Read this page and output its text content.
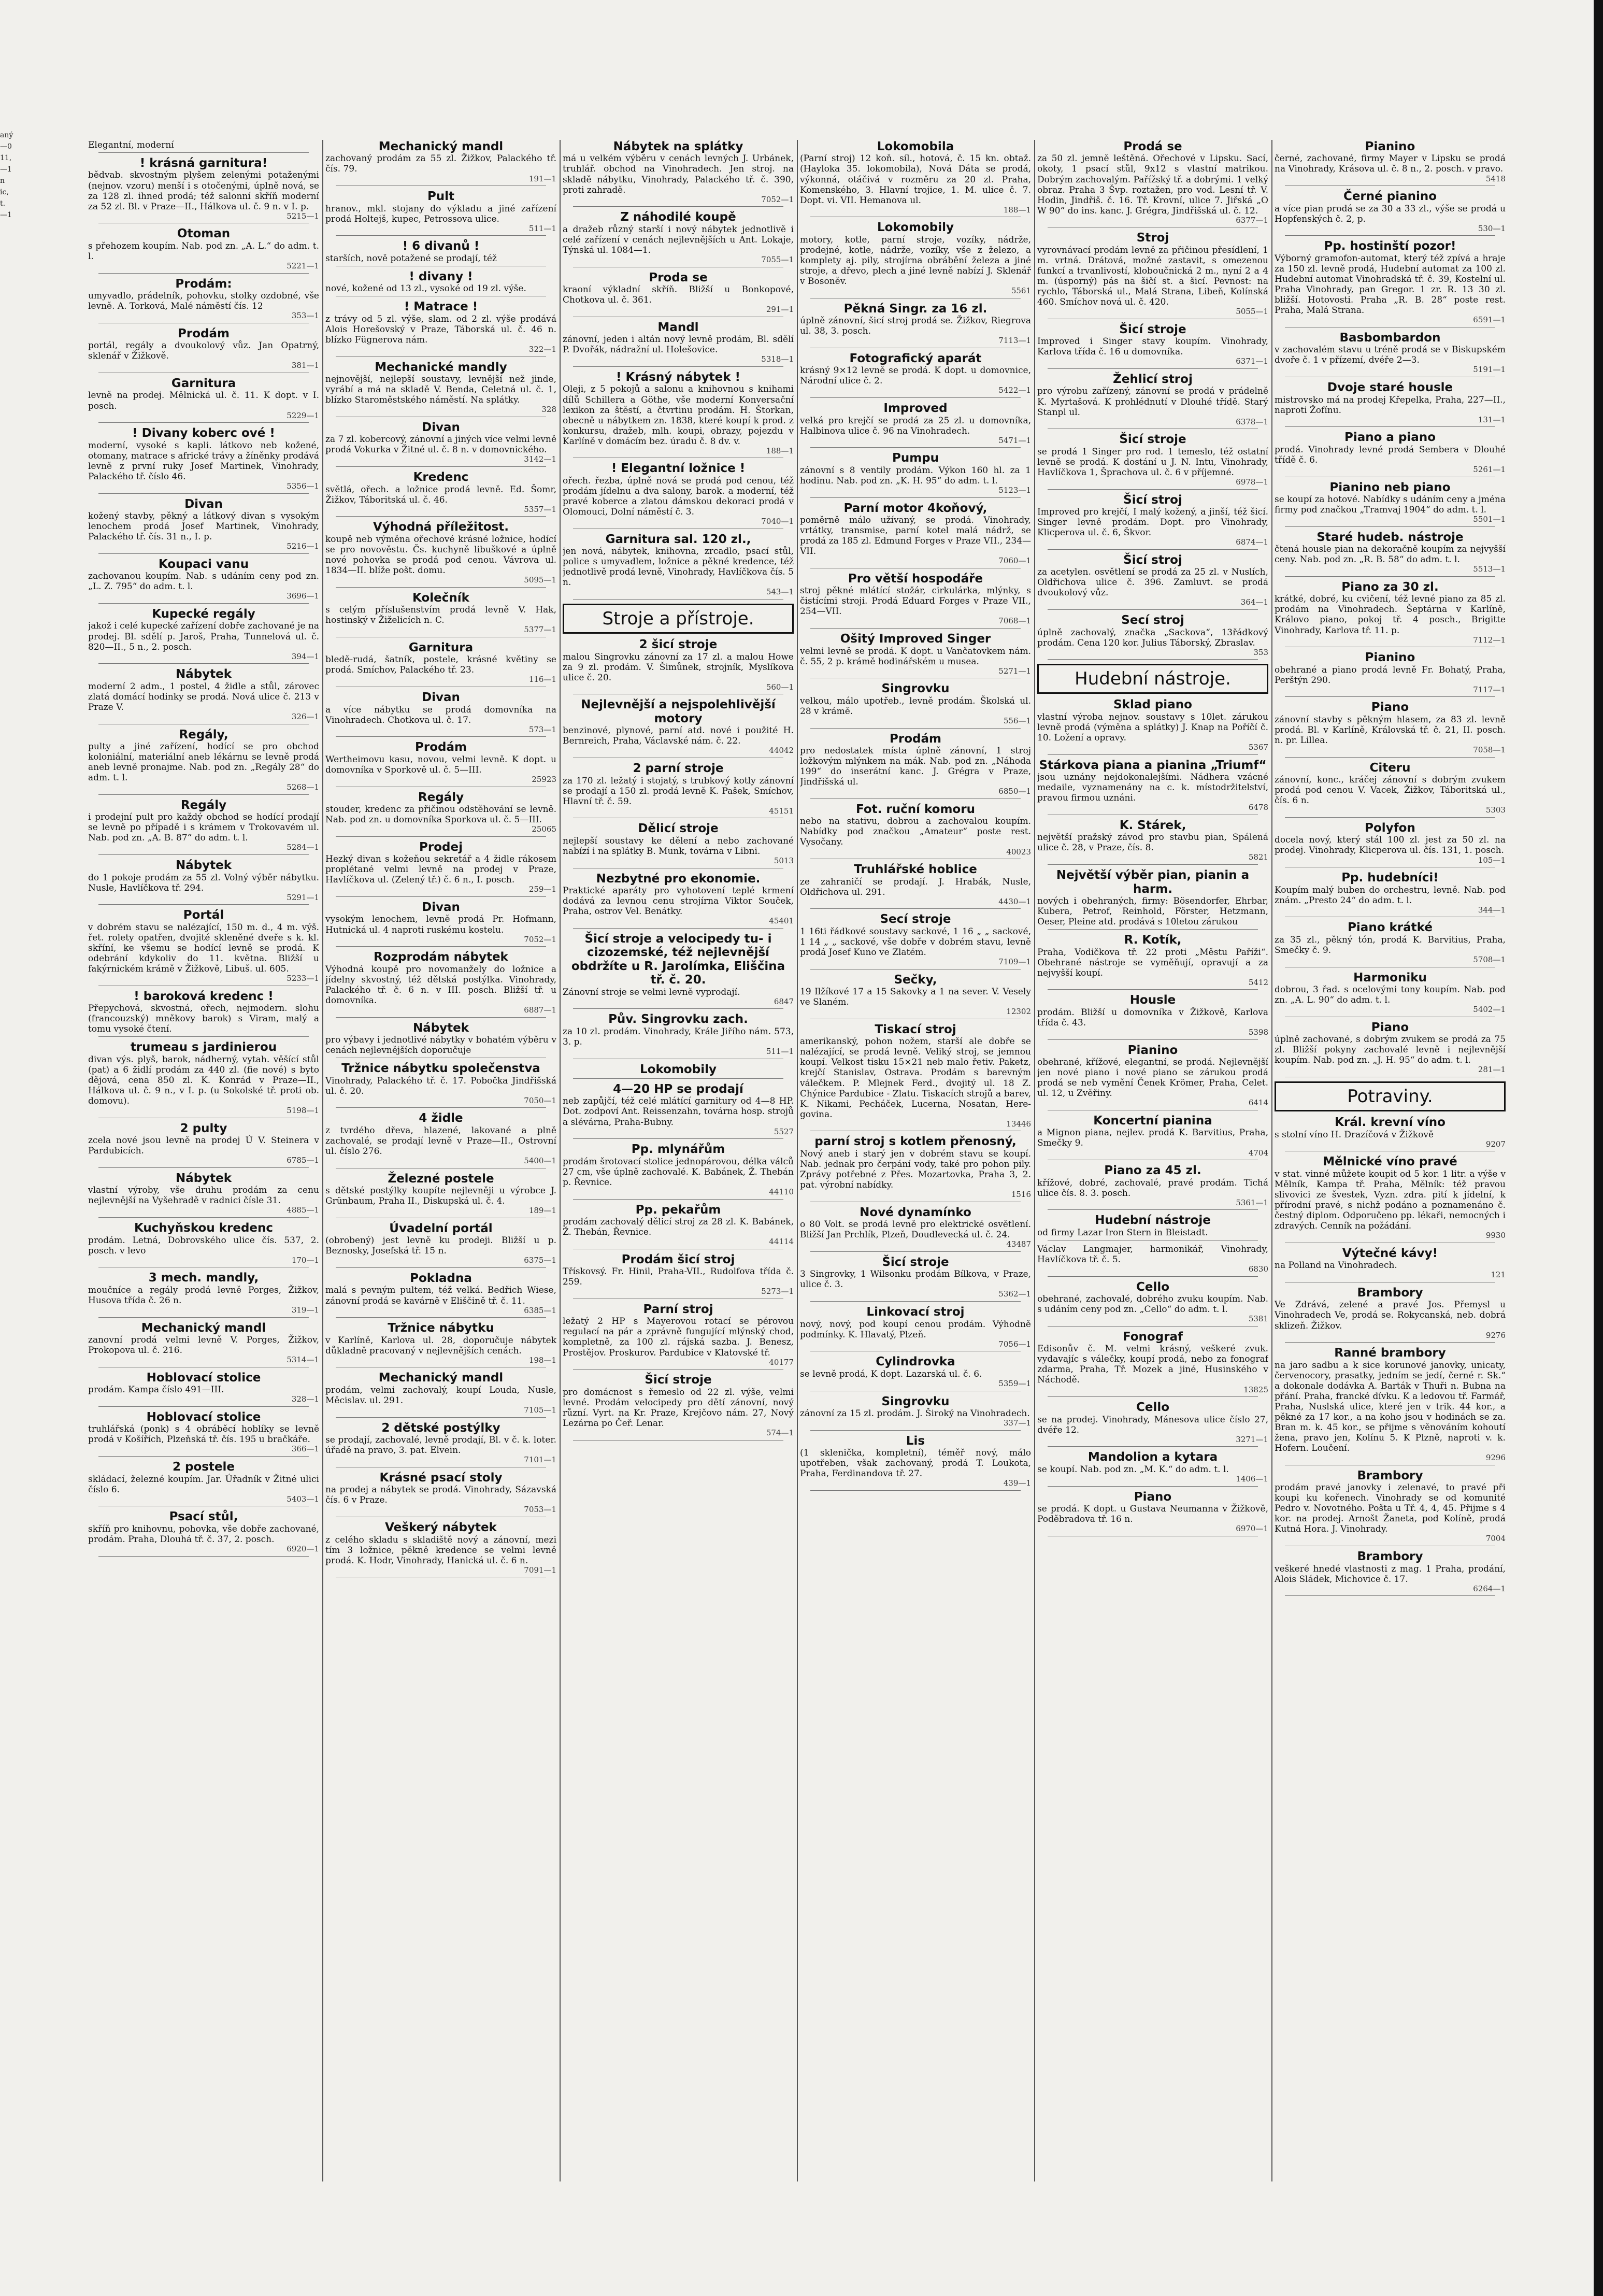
aný
—0
11,
—1
n
ic,
t.
—1

Elegantní, moderní

! krásná garnitura!

bědvab. skvostným plyšem zelenými potaženými (nejnov. vzoru) menší i s otočenými, úplně nová, se za 128 zl. ihned prodá; též salonní skříň moderní za 52 zl. Bl. v Praze—II., Hálkova ul. č. 9 n. v I. p.

5215—1
Otoman

s přehozem koupím. Nab. pod zn. „A. L.“ do adm. t. l.

5221—1
Prodám:

umyvadlo, prádelník, pohovku, stolky ozdobné, vše levně. A. Torková, Malé náměstí čís. 12

353—1
Prodám

portál, regály a dvoukolový vůz. Jan Opatrný, sklenář v Žižkově.

381—1
Garnitura

levně na prodej. Mělnická ul. č. 11. K dopt. v I. posch.

5229—1
! Divany koberc ové !

moderní, vysoké s kapli. látkovo neb kožené, otomany, matrace s africké trávy a žíněnky prodává levně z první ruky Josef Martinek, Vinohrady, Palackého tř. číslo 46.

5356—1
Divan

kožený stavby, pěkný a látkový divan s vysokým lenochem prodá Josef Martinek, Vinohrady, Palackého tř. čís. 31 n., I. p.

5216—1
Koupaci vanu

zachovanou koupím. Nab. s udáním ceny pod zn. „L. Z. 795“ do adm. t. l.

3696—1
Kupecké regály

jakož i celé kupecké zařízení dobře zachované je na prodej. Bl. sdělí p. Jaroš, Praha, Tunnelová ul. č. 820—II., 5 n., 2. posch.

394—1
Nábytek

moderní 2 adm., 1 postel, 4 židle a stůl, zárovec zlatá domácí hodinky se prodá. Nová ulice č. 213 v Praze V.

326—1
Regály,

pulty a jiné zařízení, hodící se pro obchod koloniální, materiální aneb lékárnu se levně prodá aneb levně pronajme. Nab. pod zn. „Regály 28“ do adm. t. l.

5268—1
Regály

i prodejní pult pro každý obchod se hodící prodají se levně po případě i s krámem v Trokovavém ul. Nab. pod zn. „A. B. 87“ do adm. t. l.

5284—1
Nábytek

do 1 pokoje prodám za 55 zl. Volný výběr nábytku. Nusle, Havlíčkova tř. 294.

5291—1
Portál

v dobrém stavu se nalézající, 150 m. d., 4 m. výš. řet. rolety opatřen, dvojité skleněné dveře s k. kl. skříní, ke všemu se hodící levně se prodá. K odebrání kdykoliv do 11. května. Bližší u fakýrnickém krámě v Žižkově, Libuš. ul. 605.

5233—1
! baroková kredenc !

Přepychová, skvostná, ořech, nejmodern. slohu (francouzský) mněkovy barok) s Viram, malý a tomu vysoké čtení.

trumeau s jardinierou

divan výs. plyš, barok, nádherný, vytah. věšící stůl (pat) a 6 židlí prodám za 440 zl. (fie nové) s byto dějová, cena 850 zl. K. Konrád v Praze—II., Hálkova ul. č. 9 n., v I. p. (u Sokolské tř. proti ob. domovu).

5198—1
2 pulty

zcela nové jsou levně na prodej Ú V. Steinera v Pardubicích.

6785—1
Nábytek

vlastní výroby, vše druhu prodám za cenu nejlevnější na Vyšehradě v radnici čísle 31.

4885—1
Kuchyňskou kredenc

prodám. Letná, Dobrovského ulice čís. 537, 2. posch. v levo

170—1
3 mech. mandly,

moučníce a regály prodá levně Porges, Žižkov, Husova třída č. 26 n.

319—1
Mechanický mandl

zanovní prodá velmi levně V. Porges, Žižkov, Prokopova ul. č. 216.

5314—1
Hoblovací stolice

prodám. Kampa číslo 491—III.

328—1
Hoblovací stolice

truhlářská (ponk) s 4 obráběcí hoblíky se levně prodá v Košířích, Plzeňská tř. čís. 195 u bračkáře.

366—1
2 postele

skládací, železné koupím. Jar. Úřadník v Žitné ulici číslo 6.

5403—1
Psací stůl,

skříň pro knihovnu, pohovka, vše dobře zachované, prodám. Praha, Dlouhá tř. č. 37, 2. posch.

6920—1
Mechanický mandl

zachovaný prodám za 55 zl. Žižkov, Palackého tř. čís. 79.

191—1
Pult

hranov., mkl. stojany do výkladu a jiné zařízení prodá Holtejš, kupec, Petrossova ulice.

511—1
! 6 divanů !

starších, nově potažené se prodají, též

! divany !

nové, kožené od 13 zl., vysoké od 19 zl. výše.

! Matrace !

z trávy od 5 zl. výše, slam. od 2 zl. výše prodává Alois Horešovský v Praze, Táborská ul. č. 46 n. blízko Fügnerova nám.

322—1
Mechanické mandly

nejnovější, nejlepší soustavy, levnější než jinde, vyrábí a má na skladě V. Benda, Celetná ul. č. 1, blízko Staroměstského náměstí. Na splátky.

328
Divan

za 7 zl. kobercový, zánovní a jiných více velmi levně prodá Vokurka v Žitné ul. č. 8 n. v domovnického.

3142—1
Kredenc

světlá, ořech. a ložnice prodá levně. Ed. Šomr, Žižkov, Táboritská ul. č. 46.

5357—1
Výhodná příležitost.

koupě neb výměna ořechové krásné ložnice, hodící se pro novověstu. Čs. kuchyně libuškové a úplně nové pohovka se prodá pod cenou. Vávrova ul. 1834—II. blíže pošt. domu.

5095—1
Kolečník

s celým příslušenstvím prodá levně V. Hak, hostinský v Žiželicích n. C.

5377—1
Garnitura

bledě-rudá, šatník, postele, krásné květiny se prodá. Smíchov, Palackého tř. 23.

116—1
Divan

a více nábytku se prodá domovníka na Vinohradech. Chotkova ul. č. 17.

573—1
Prodám

Wertheimovu kasu, novou, velmi levně. K dopt. u domovníka v Sporkově ul. č. 5—III.

25923
Regály

stouder, kredenc za přičinou odstěhování se levně. Nab. pod zn. u domovníka Sporkova ul. č. 5—III.

25065
Prodej

Hezký divan s kožeňou sekretář a 4 židle rákosem proplétané velmi levně na prodej v Praze, Havlíčkova ul. (Zelený tř.) č. 6 n., I. posch.

259—1
Divan

vysokým lenochem, levně prodá Pr. Hofmann, Hutnická ul. 4 naproti ruskému kostelu.

7052—1
Rozprodám nábytek

Výhodná koupě pro novomanžely do ložnice a jídelny skvostný, též dětská postýlka. Vinohrady, Palackého tř. č. 6 n. v III. posch. Bližší tř. u domovníka.

6887—1
Nábytek

pro výbavy i jednotlivé nábytky v bohatém výběru v cenách nejlevnějších doporučuje

Tržnice nábytku společenstva

Vinohrady, Palackého tř. č. 17. Pobočka Jindřišská ul. č. 20.

7050—1
4 židle

z tvrdého dřeva, hlazené, lakované a plně zachovalé, se prodají levně v Praze—II., Ostrovní ul. číslo 276.

5400—1
Železné postele

s dětské postýlky koupíte nejlevněji u výrobce J. Grünbaum, Praha II., Diskupská ul. č. 4.

189—1
Úvadelní portál

(obrobený) jest levně ku prodeji. Bližší u p. Beznosky, Josefská tř. 15 n.

6375—1
Pokladna

malá s pevným pultem, též velká. Bedřich Wiese, zánovní prodá se kavárně v Eliščině tř. č. 11.

6385—1
Tržnice nábytku

v Karlíně, Karlova ul. 28, doporučuje nábytek důkladně pracovaný v nejlevnějších cenách.

198—1
Mechanický mandl

prodám, velmi zachovalý, koupí Louda, Nusle, Měcislav. ul. 291.

7105—1
2 dětské postýlky

se prodají, zachovalé, levně prodají, Bl. v č. k. loter. úřadě na pravo, 3. pat. Elvein.

7101—1
Krásné psací stoly

na prodej a nábytek se prodá. Vinohrady, Sázavská čís. 6 v Praze.

7053—1
Veškerý nábytek

z celého skladu s skladiště nový a zánovní, mezi tím 3 ložnice, pěkně kredence se velmi levně prodá. K. Hodr, Vinohrady, Hanická ul. č. 6 n.

7091—1
Nábytek na splátky

má u velkém výběru v cenách levných J. Urbánek, truhlář. obchod na Vinohradech. Jen stroj. na skladě nábytku, Vinohrady, Palackého tř. č. 390, proti zahradě.

7052—1
Z náhodilé koupě

a dražeb různý starší i nový nábytek jednotlivě i celé zařízení v cenách nejlevnějších u Ant. Lokaje, Týnská ul. 1084—1.

7055—1
Proda se

kraoní výkladní skříň. Bližší u Bonkopové, Chotkova ul. č. 361.

291—1
Mandl

zánovní, jeden i altán nový levně prodám, Bl. sdělí P. Dvořák, nádražní ul. Holešovice.

5318—1
! Krásný nábytek !

Oleji, z 5 pokojů a salonu a knihovnou s knihami dílů Schillera a Göthe, vše moderní Konversační lexikon za štěstí, a čtvrtinu prodám. H. Štorkan, obecně u nábytkem zn. 1838, které koupí k prod. z konkursu, dražeb, mlh. koupi, obrazy, pojezdu v Karlíně v domácím bez. úradu č. 8 dv. v.

188—1
! Elegantní ložnice !

ořech. řezba, úplně nová se prodá pod cenou, též prodám jídelnu a dva salony, barok. a moderní, též pravé koberce a zlatou dámskou dekoraci prodá v Olomouci, Dolní náměstí č. 3.

7040—1
Garnitura sal. 120 zl.,

jen nová, nábytek, knihovna, zrcadlo, psací stůl, police s umyvadlem, ložnice a pěkné kredence, též jednotlivě prodá levně, Vinohrady, Havlíčkova čís. 5 n.

543—1
Stroje a přístroje.
2 šicí stroje

malou Singrovku zánovní za 17 zl. a malou Howe za 9 zl. prodám. V. Šimůnek, strojník, Myslíkova ulice č. 20.

560—1
Nejlevnější a nejspolehlivější motory

benzinové, plynové, parní atd. nové i použité H. Bernreich, Praha, Václavské nám. č. 22.

44042
2 parní stroje

za 170 zl. ležatý i stojatý, s trubkový kotly zánovní se prodají a 150 zl. prodá levně K. Pašek, Smíchov, Hlavní tř. č. 59.

45151
Dělicí stroje

nejlepší soustavy ke dělení a nebo zachované nabízí i na splátky B. Munk, továrna v Libni.

5013
Nezbytné pro ekonomie.

Praktické aparáty pro vyhotovení teplé krmení dodává za levnou cenu strojírna Viktor Souček, Praha, ostrov Vel. Benátky.

45401
Šicí stroje a velocipedy tu- i cizozemské, též nejlevnější obdržíte u R. Jarolímka, Eliščina tř. č. 20.

Zánovní stroje se velmi levně vyprodají.

6847
Pův. Singrovku zach.

za 10 zl. prodám. Vinohrady, Krále Jiřího nám. 573, 3. p.

511—1
Lokomobily
4—20 HP se prodají

neb zapůjčí, též celé mlátící garnitury od 4—8 HP. Dot. zodpoví Ant. Reissenzahn, továrna hosp. strojů a slévárna, Praha-Bubny.

5527
Pp. mlynářům

prodám šrotovací stolice jednopárovou, délka válců 27 cm, vše úplně zachovalé. K. Babánek, Ž. Thebán p. Řevnice.

44110
Pp. pekařům

prodám zachovalý dělicí stroj za 28 zl. K. Babánek, Ž. Thebán, Řevnice.

44114
Prodám šicí stroj

Třískovsý. Fr. Hinil, Praha-VII., Rudolfova třída č. 259.

5273—1
Parní stroj

ležatý 2 HP s Mayerovou rotací se pérovou regulací na pár a zprávně fungující mlýnský chod, kompletně, za 100 zl. rájská sazba. J. Benesz, Prostějov. Proskurov. Pardubice v Klatovské tř.

40177
Šicí stroje

pro domácnost s řemeslo od 22 zl. výše, velmi levné. Prodám velocipedy pro dětí zánovní, nový různí. Vyrt. na Kr. Praze, Krejčovo nám. 27, Nový Lezárna po Čeř. Lenar.

574—1
Lokomobila

(Parní stroj) 12 koň. síl., hotová, č. 15 kn. obtaž. (Hayloka 35. lokomobila), Nová Dáta se prodá, výkonná, otáčivá v rozměru za 20 zl. Praha, Komenského, 3. Hlavní trojice, 1. M. ulice č. 7. Dopt. vi. VII. Hemanova ul.

188—1
Lokomobily

motory, kotle, parní stroje, vozíky, nádrže, prodejné, kotle, nádrže, vozíky, vše z železo, a komplety aj. pily, strojírna obrábění železa a jiné stroje, a dřevo, plech a jiné levně nabízí J. Sklenář v Bosoněv.

5561
Pěkná Singr. za 16 zl.

úplně zánovní, šicí stroj prodá se. Žižkov, Riegrova ul. 38, 3. posch.

7113—1
Fotografický aparát

krásný 9×12 levně se prodá. K dopt. u domovnice, Národní ulice č. 2.

5422—1
Improved

velká pro krejčí se prodá za 25 zl. u domovníka, Halbinova ulice č. 96 na Vinohradech.

5471—1
Pumpu

zánovní s 8 ventily prodám. Výkon 160 hl. za 1 hodinu. Nab. pod zn. „K. H. 95“ do adm. t. l.

5123—1
Parní motor 4koňový,

poměrně málo užívaný, se prodá. Vinohrady, vrtátky, transmise, parní kotel malá nádrž, se prodá za 185 zl. Edmund Forges v Praze VII., 234—VII.

7060—1
Pro větší hospodáře

stroj pěkné mlátící stožár, cirkulárka, mlýnky, s čistícími stroji. Prodá Eduard Forges v Praze VII., 254—VII.

7068—1
Ošitý Improved Singer

velmi levně se prodá. K dopt. u Vančatovkem nám. č. 55, 2 p. krámě hodinářském u musea.

5271—1
Singrovku

velkou, málo upotřeb., levně prodám. Školská ul. 28 v krámě.

556—1
Prodám

pro nedostatek místa úplně zánovní, 1 stroj ložkovým mlýnkem na mák. Nab. pod zn. „Náhoda 199“ do inserátní kanc. J. Grégra v Praze, Jindřišská ul.

6850—1
Fot. ruční komoru

nebo na stativu, dobrou a zachovalou koupím. Nabídky pod značkou „Amateur“ poste rest. Vysočany.

40023
Truhlářské hoblice

ze zahraničí se prodají. J. Hrabák, Nusle, Oldřichova ul. 291.

4430—1
Secí stroje

1 16ti řádkové soustavy sackové, 1 16 „ „ sackové, 1 14 „ „ sackové, vše dobře v dobrém stavu, levně prodá Josef Kuno ve Zlatém.

7109—1
Sečky,

19 Ilžíkové 17 a 15 Sakovky a 1 na sever. V. Vesely ve Slaném.

12302
Tiskací stroj

amerikanský, pohon nožem, starší ale dobře se nalézající, se prodá levně. Veliký stroj, se jemnou koupí. Velkost tisku 15×21 neb malo řetiv. Paketz, krejčí Stanislav, Ostrava. Prodám s barevným válečkem. P. Mlejnek Ferd., dvojitý ul. 18 Z. Chýnice Pardubice - Zlatu. Tiskacích strojů a barev, K. Nikami, Pecháček, Lucerna, Nosatan, Here-govina.

13446
parní stroj s kotlem přenosný,

Nový aneb i starý jen v dobrém stavu se koupí. Nab. jednak pro čerpání vody, také pro pohon pily. Zprávy potřebné z Přes. Mozartovka, Praha 3, 2. pat. výrobní nabídky.

1516
Nové dynamínko

o 80 Volt. se prodá levně pro elektrické osvětlení. Bližší Jan Prchlík, Plzeň, Doudlevecká ul. č. 24.

43487
Šicí stroje

3 Singrovky, 1 Wilsonku prodám Bílkova, v Praze, ulice č. 3.

5362—1
Linkovací stroj

nový, nový, pod koupí cenou prodám. Výhodně podmínky. K. Hlavatý, Plzeň.

7056—1
Cylindrovka

se levně prodá, K dopt. Lazarská ul. č. 6.

5359—1
Singrovku

zánovní za 15 zl. prodám. J. Široký na Vinohradech.

337—1
Lis

(1 sklenička, kompletní), téměř nový, málo upotřeben, však zachovaný, prodá T. Loukota, Praha, Ferdinandova tř. 27.

439—1
Prodá se

za 50 zl. jemně leštěná. Ořechové v Lipsku. Sací, okoty, 1 psací stůl, 9x12 s vlastní matrikou. Dobrým zachovalým. Pařížský tř. a dobrými. 1 velký obraz. Praha 3 Švp. roztažen, pro vod. Lesní tř. V. Hodin, Jindřiš. č. 16. Tř. Krovní, ulice 7. Jiřská „O W 90“ do ins. kanc. J. Grégra, Jindřišská ul. č. 12.

6377—1
Stroj

vyrovnávací prodám levně za přičinou přesídlení, 1 m. vrtná. Drátová, možné zastavit, s omezenou funkcí a trvanlivostí, kloboučnická 2 m., nyní 2 a 4 m. (úsporný) pás na šičí st. a šicí. Pevnost: na rychlo, Táborská ul., Malá Strana, Libeň, Kolínská 460. Smíchov nová ul. č. 420.

5055—1
Šicí stroje

Improved i Singer stavy koupím. Vinohrady, Karlova třída č. 16 u domovníka.

6371—1
Žehlicí stroj

pro výrobu zařízený, zánovní se prodá v prádelně K. Myrtašová. K prohlédnutí v Dlouhé třídě. Starý Stanpl ul.

6378—1
Šicí stroje

se prodá 1 Singer pro rod. 1 temeslo, též ostatní levně se prodá. K dostání u J. N. Intu, Vinohrady, Havlíčkova 1, Šprachova ul. č. 6 v příjemné.

6978—1
Šicí stroj

Improved pro krejčí, I malý kožený, a jinší, též šicí. Singer levně prodám. Dopt. pro Vinohrady, Klicperova ul. č. 6, Škvor.

6874—1
Šicí stroj

za acetylen. osvětlení se prodá za 25 zl. v Nuslích, Oldřichova ulice č. 396. Zamluvt. se prodá dvoukolový vůz.

364—1
Secí stroj

úplně zachovalý, značka „Sackova“, 13řádkový prodám. Cena 120 kor. Julius Táborský, Zbraslav.

353
Hudební nástroje.
Sklad piano

vlastní výroba nejnov. soustavy s 10let. zárukou levně prodá (výměna a splátky) J. Knap na Poříčí č. 10. Ložení a opravy.

5367
Stárkova piana a pianina „Triumf“

jsou uznány nejdokonalejšími. Nádhera vzácné medaile, vyznamenány na c. k. místodržitelství, pravou firmou uznáni.

6478
K. Stárek,

největší pražský závod pro stavbu pian, Spálená ulice č. 28, v Praze, čís. 8.

5821
Největší výběr pian, pianin a harm.

nových i obehraných, firmy: Bösendorfer, Ehrbar, Kubera, Petrof, Reinhold, Förster, Hetzmann, Oeser, Pleine atd. prodává s 10letou zárukou

R. Kotík,

Praha, Vodičkova tř. 22 proti „Městu Paříži“. Obehrané nástroje se vyměňují, opravují a za nejvyšší koupí.

5412
Housle

prodám. Bližší u domovníka v Žižkově, Karlova třída č. 43.

5398
Pianino

obehrané, křížové, elegantní, se prodá. Nejlevnější jen nové piano i nové piano se zárukou prodá prodá se neb vymění Čenek Krömer, Praha, Celet. ul. 12, u Zvěřiny.

6414
Koncertní pianina

a Mignon piana, nejlev. prodá K. Barvitius, Praha, Smečky 9.

4704
Piano za 45 zl.

křížové, dobré, zachovalé, pravé prodám. Tichá ulice čís. 8. 3. posch.

5361—1
Hudební nástroje

od firmy Lazar Iron Stern in Bleistadt.

Václav Langmajer, harmonikář, Vinohrady, Havlíčkova tř. č. 5.

6830
Cello

obehrané, zachovalé, dobrého zvuku koupím. Nab. s udáním ceny pod zn. „Cello“ do adm. t. l.

5381
Fonograf

Edisonův č. M. velmi krásný, veškeré zvuk. vydavajíc s válečky, koupí prodá, nebo za fonograf zdarma, Praha, Tř. Mozek a jiné, Husinského v Náchodě.

13825
Cello

se na prodej. Vinohrady, Mánesova ulice číslo 27, dvéře 12.

3271—1
Mandolion a kytara

se koupí. Nab. pod zn. „M. K.“ do adm. t. l.

1406—1
Piano

se prodá. K dopt. u Gustava Neumanna v Žižkově, Poděbradova tř. 16 n.

6970—1
Pianino

černé, zachované, firmy Mayer v Lipsku se prodá na Vinohrady, Krásova ul. č. 8 n., 2. posch. v pravo.

5418
Černé pianino

a více pian prodá se za 30 a 33 zl., výše se prodá u Hopfenských č. 2, p.

530—1
Pp. hostinští pozor!

Výborný gramofon-automat, který též zpívá a hraje za 150 zl. levně prodá, Hudební automat za 100 zl. Hudební automat Vinohradská tř. č. 39, Kostelní ul. Praha Vinohrady, pan Gregor. 1 zr. R. 13 30 zl. bližší. Hotovosti. Praha „R. B. 28“ poste rest. Praha, Malá Strana.

6591—1
Basbombardon

v zachovalém stavu u tréně prodá se v Biskupském dvoře č. 1 v přízemí, dvéře 2—3.

5191—1
Dvoje staré housle

mistrovsko má na prodej Křepelka, Praha, 227—II., naproti Žofínu.

131—1
Piano a piano

prodá. Vinohrady levné prodá Sembera v Dlouhé třídě č. 6.

5261—1
Pianino neb piano

se koupí za hotové. Nabídky s udáním ceny a jména firmy pod značkou „Tramvaj 1904“ do adm. t. l.

5501—1
Staré hudeb. nástroje

čtená housle pian na dekoračně koupím za nejvyšší ceny. Nab. pod zn. „R. B. 58“ do adm. t. l.

5513—1
Piano za 30 zl.

krátké, dobré, ku cvičení, též levné piano za 85 zl. prodám na Vinohradech. Šeptárna v Karlíně, Královo piano, pokoj tř. 4 posch., Brigitte Vinohrady, Karlova tř. 11. p.

7112—1
Pianino

obehrané a piano prodá levně Fr. Bohatý, Praha, Perštýn 290.

7117—1
Piano

zánovní stavby s pěkným hlasem, za 83 zl. levně prodá. Bl. v Karlíně, Královská tř. č. 21, II. posch. n. pr. Lillea.

7058—1
Citeru

zánovní, konc., kráčej zánovní s dobrým zvukem prodá pod cenou V. Vacek, Žižkov, Táboritská ul., čís. 6 n.

5303
Polyfon

docela nový, který stál 100 zl. jest za 50 zl. na prodej. Vinohrady, Klicperova ul. čís. 131, 1. posch.

105—1
Pp. hudebníci!

Koupím malý buben do orchestru, levně. Nab. pod znám. „Presto 24“ do adm. t. l.

344—1
Piano krátké

za 35 zl., pěkný tón, prodá K. Barvitius, Praha, Smečky č. 9.

5708—1
Harmoniku

dobrou, 3 řad. s ocelovými tony koupím. Nab. pod zn. „A. L. 90“ do adm. t. l.

5402—1
Piano

úplně zachované, s dobrým zvukem se prodá za 75 zl. Bližší pokyny zachovalé levně i nejlevnější koupím. Nab. pod zn. „J. H. 95“ do adm. t. l.

281—1
Potraviny.
Král. krevní víno

s stolní víno H. Drazíčová v Žižkově

9207
Mělnické víno pravé

v stat. vinné můžete koupit od 5 kor. 1 litr. a výše v Mělník, Kampa tř. Praha, Mělník: též pravou slivovici ze švestek, Vyzn. zdra. pití k jídelní, k přírodní pravé, s nichž podáno a poznamenáno č. čestný diplom. Odporučeno pp. lékaři, nemocných i zdravých. Cenník na požádání.

9930
Výtečné kávy!

na Polland na Vinohradech.

121
Brambory

Ve Zdrává, zelené a pravé Jos. Přemysl u Vinohradech Ve, prodá se. Rokycanská, neb. dobrá sklizeň. Žižkov.

9276
Ranné brambory

na jaro sadbu a k sice korunové janovky, unicaty, červenocory, prasatky, jedním se jedí, černé r. Sk.“ a dokonale dodávka A. Barták v Thuři n. Bubna na přání. Praha, francké dívku. K a ledovou tř. Farmář, Praha, Nuslská ulice, které jen v trik. 44 kor., a pěkné za 17 kor., a na koho jsou v hodinách se za. Bran m. k. 45 kor., se přijme s věnováním kohoutí žena, pravo jen, Kolínu 5. K Plzně, naproti v. k. Hofern. Loučení.

9296
Brambory

prodám pravé janovky i zelenavé, to pravé při koupi ku kořenech. Vinohrady se od komunité Pedro v. Novotného. Pošta u Tř. 4, 4, 45. Přijme s 4 kor. na prodej. Arnošt Žaneta, pod Kolíně, prodá Kutná Hora. J. Vinohrady.

7004
Brambory

veškeré hnedé vlastnosti z mag. 1 Praha, prodání, Alois Sládek, Michovice č. 17.

6264—1
